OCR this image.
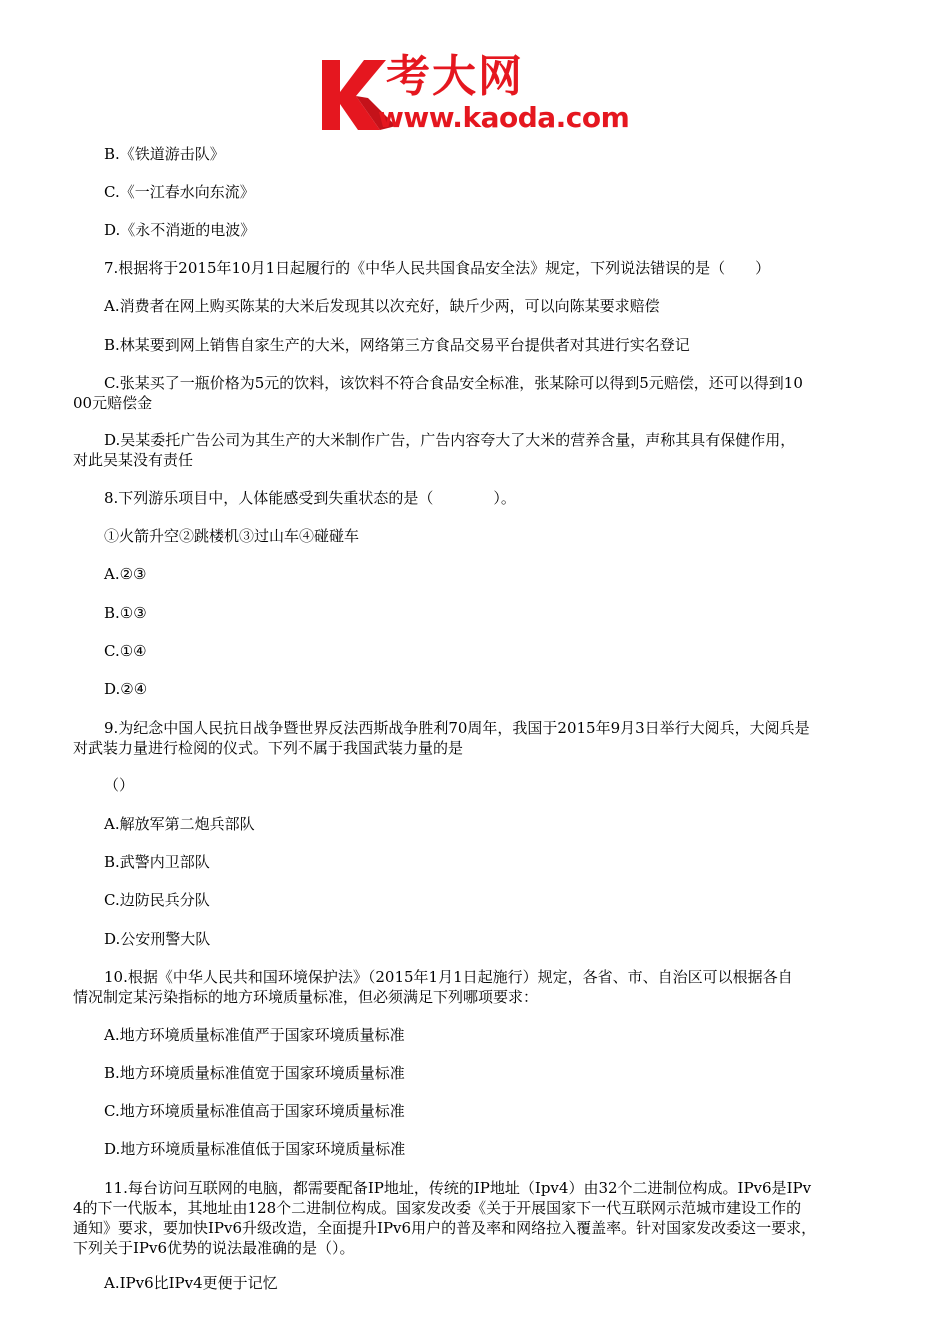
考大网
www.kaoda.com
B.《铁道游击队》
C.《一江春水向东流》
D.《永不消逝的电波》
7.根据将于2015年10月1日起履行的《中华人民共国食品安全法》规定，下列说法错误的是（　　）
A.消费者在网上购买陈某的大米后发现其以次充好，缺斤少两，可以向陈某要求赔偿
B.林某要到网上销售自家生产的大米，网络第三方食品交易平台提供者对其进行实名登记
C.张某买了一瓶价格为5元的饮料，该饮料不符合食品安全标准，张某除可以得到5元赔偿，还可以得到10
00元赔偿金
D.吴某委托广告公司为其生产的大米制作广告，广告内容夸大了大米的营养含量，声称其具有保健作用，
对此吴某没有责任
8.下列游乐项目中，人体能感受到失重状态的是（　　　　）。
①火箭升空②跳楼机③过山车④碰碰车
A.②③
B.①③
C.①④
D.②④
9.为纪念中国人民抗日战争暨世界反法西斯战争胜利70周年，我国于2015年9月3日举行大阅兵，大阅兵是
对武装力量进行检阅的仪式。下列不属于我国武装力量的是
（）
A.解放军第二炮兵部队
B.武警内卫部队
C.边防民兵分队
D.公安刑警大队
10.根据《中华人民共和国环境保护法》（2015年1月1日起施行）规定，各省、市、自治区可以根据各自
情况制定某污染指标的地方环境质量标准，但必须满足下列哪项要求：
A.地方环境质量标准值严于国家环境质量标准
B.地方环境质量标准值宽于国家环境质量标准
C.地方环境质量标准值高于国家环境质量标准
D.地方环境质量标准值低于国家环境质量标准
11.每台访问互联网的电脑，都需要配备IP地址，传统的IP地址（Ipv4）由32个二进制位构成。IPv6是IPv
4的下一代版本，其地址由128个二进制位构成。国家发改委《关于开展国家下一代互联网示范城市建设工作的
通知》要求，要加快IPv6升级改造，全面提升IPv6用户的普及率和网络拉入覆盖率。针对国家发改委这一要求，
下列关于IPv6优势的说法最准确的是（）。
A.IPv6比IPv4更便于记忆
